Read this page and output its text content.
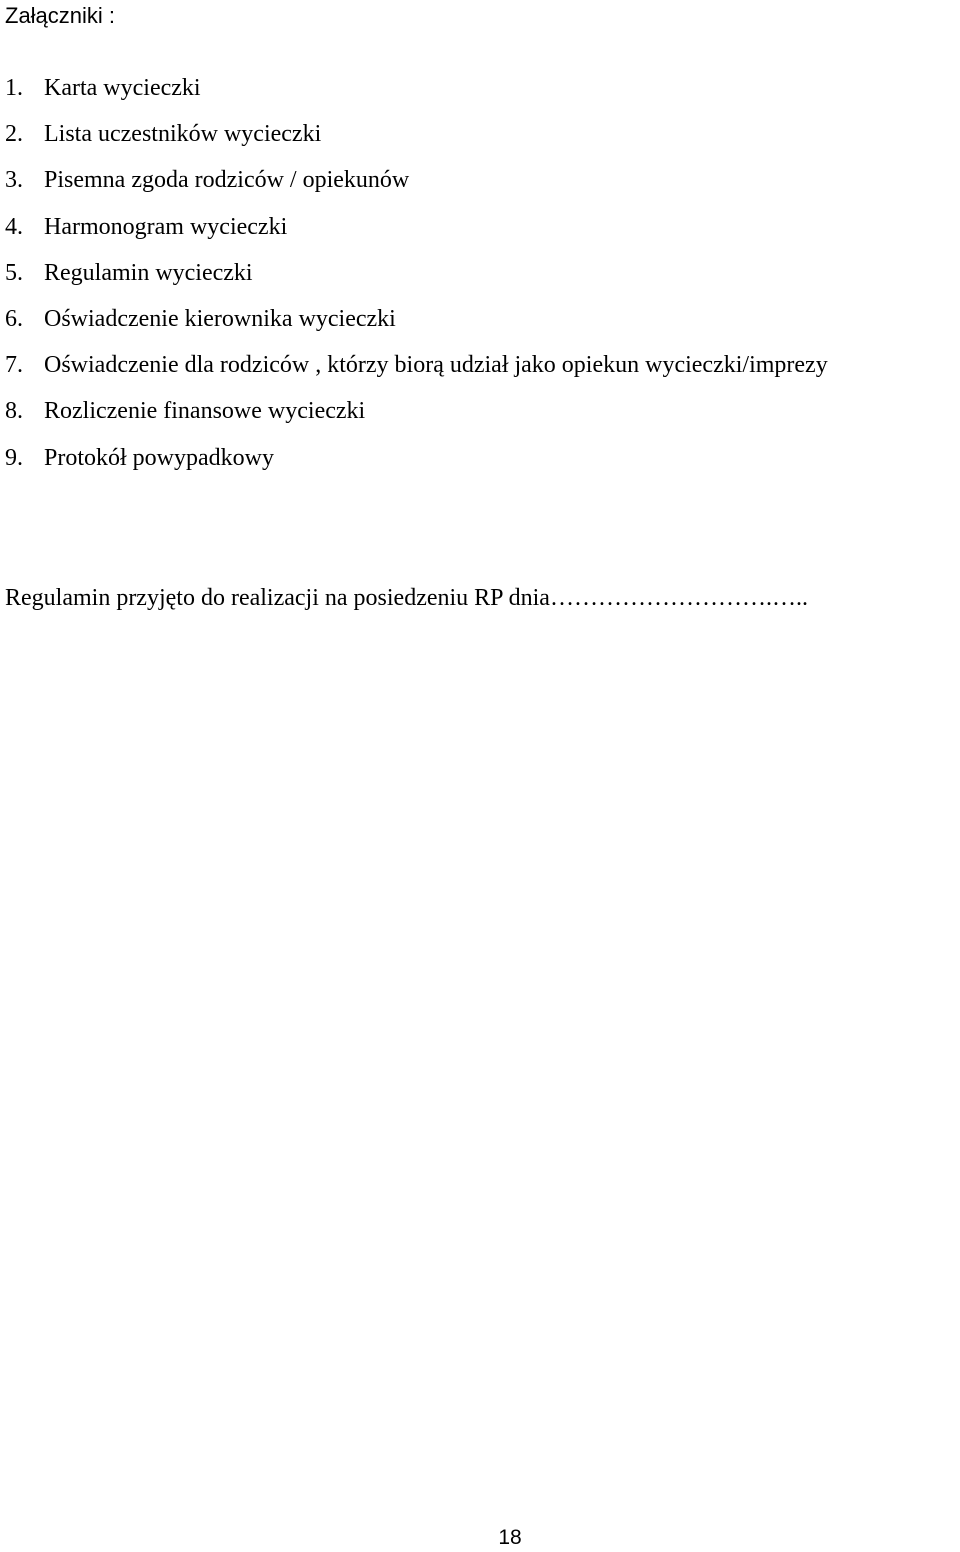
Załączniki :
1. Karta wycieczki
2. Lista uczestników wycieczki
3. Pisemna zgoda rodziców / opiekunów
4. Harmonogram wycieczki
5. Regulamin wycieczki
6. Oświadczenie kierownika wycieczki
7. Oświadczenie dla rodziców , którzy biorą udział jako opiekun wycieczki/imprezy
8. Rozliczenie finansowe wycieczki
9. Protokół powypadkowy
Regulamin przyjęto do realizacji na posiedzeniu RP dnia……………………….…..
18
